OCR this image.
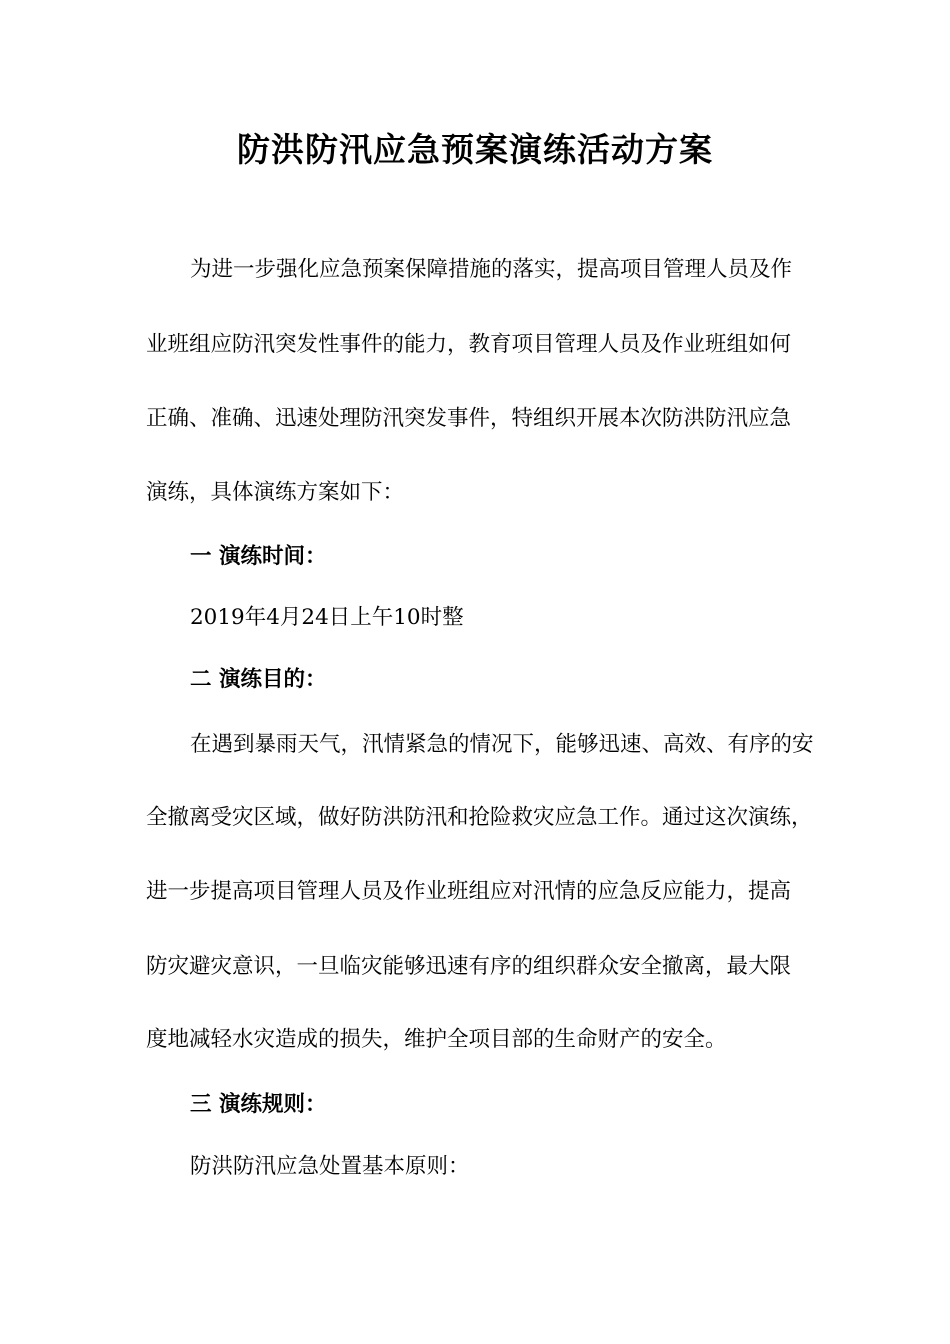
防洪防汛应急预案演练活动方案
为进一步强化应急预案保障措施的落实，提高项目管理人员及作
业班组应防汛突发性事件的能力，教育项目管理人员及作业班组如何
正确、准确、迅速处理防汛突发事件，特组织开展本次防洪防汛应急
演练，具体演练方案如下：
一 演练时间：
2019年4月24日上午10时整
二 演练目的：
在遇到暴雨天气，汛情紧急的情况下，能够迅速、高效、有序的安
全撤离受灾区域，做好防洪防汛和抢险救灾应急工作。通过这次演练，
进一步提高项目管理人员及作业班组应对汛情的应急反应能力，提高
防灾避灾意识，一旦临灾能够迅速有序的组织群众安全撤离，最大限
度地减轻水灾造成的损失，维护全项目部的生命财产的安全。
三 演练规则：
防洪防汛应急处置基本原则：
